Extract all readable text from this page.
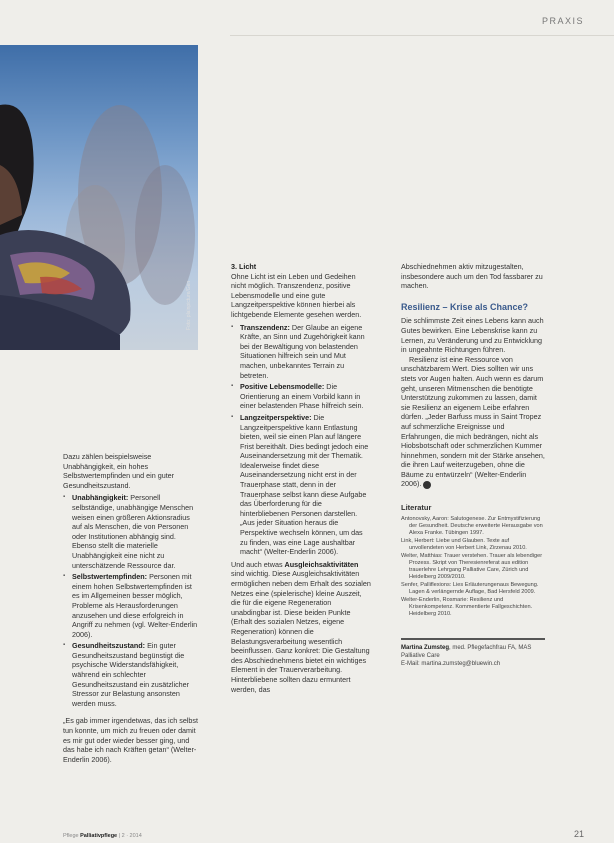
PRAXIS
Foto: plainpicture/Gen

Dazu zählen beispielsweise Unabhängigkeit, ein hohes Selbstwertempfinden und ein guter Gesundheitszustand.

▪ Unabhängigkeit: Personell selbständige, unabhängige Menschen weisen einen größeren Aktionsradius auf als Menschen, die von Personen oder Institutionen abhängig sind. Ebenso stellt die materielle Unabhängigkeit eine nicht zu unterschätzende Ressource dar.
▪ Selbstwertempfinden: Personen mit einem hohen Selbstwertempfinden ist es im Allgemeinen besser möglich, Probleme als Herausforderungen anzusehen und diese erfolgreich in Angriff zu nehmen (vgl. Welter-Enderlin 2006).
▪ Gesundheitszustand: Ein guter Gesundheitszustand begünstigt die psychische Widerstandsfähigkeit, während ein schlechter Gesundheitszustand ein zusätzlicher Stressor zur Belastung ansonsten werden muss.

„Es gab immer irgendetwas, das ich selbst tun konnte, um mich zu freuen oder damit es mir gut oder wieder besser ging, und das habe ich nach Kräften getan“ (Welter-Enderlin 2006).

3. Licht

Ohne Licht ist ein Leben und Gedeihen nicht möglich. Transzendenz, positive Lebensmodelle und eine gute Langzeitperspektive können hierbei als lichtgebende Elemente gesehen werden.

▪ Transzendenz: Der Glaube an eigene Kräfte, an Sinn und Zugehörigkeit kann bei der Bewältigung von belastenden Situationen hilfreich sein und Mut machen, unbekanntes Terrain zu betreten.
▪ Positive Lebensmodelle: Die Orientierung an einem Vorbild kann in einer belastenden Phase hilfreich sein.
▪ Langzeitperspektive: Die Langzeitperspektive kann Entlastung bieten, weil sie einen Plan auf längere Frist bereithält. Dies bedingt jedoch eine Auseinandersetzung mit der Thematik. Idealerweise findet diese Auseinandersetzung nicht erst in der Trauerphase statt, denn in der Trauerphase selbst kann diese Aufgabe das Überforderung für die hinterbliebenen Personen darstellen. „Aus jeder Situation heraus die Perspektive wechseln können, um das zu finden, was eine Lage aushaltbar macht“ (Welter-Enderlin 2006).

Und auch etwas Ausgleichsaktivitäten sind wichtig. Diese Ausgleichsaktivitäten ermöglichen neben dem Erhalt des sozialen Netzes eine (spielerische) kleine Auszeit, die für die eigene Regeneration unabdingbar ist. Diese beiden Punkte (Erhalt des sozialen Netzes, eigene Regeneration) können die Belastungsverarbeitung wesentlich beeinflussen. Ganz konkret: Die Gestaltung des Abschiednehmens bietet ein wichtiges Element in der Trauerverarbeitung. Hinterbliebene sollten dazu ermuntert werden, das

Abschiednehmen aktiv mitzugestalten, insbesondere auch um den Tod fassbarer zu machen.

Resilienz – Krise als Chance?

Die schlimmste Zeit eines Lebens kann auch Gutes bewirken. Eine Lebenskrise kann zu Lernen, zu Veränderung und zu Entwicklung in ungeahnte Richtungen führen.

Resilienz ist eine Ressource von unschätzbarem Wert. Dies sollten wir uns stets vor Augen halten. Auch wenn es darum geht, unseren Mitmenschen die benötigte Unterstützung zukommen zu lassen, damit sie Resilienz an eigenem Leibe erfahren dürfen. „Jeder Barfuss muss in Saint Tropez auf schmerzliche Ereignisse und Erfahrungen, die mich bedrängen, nicht als Hiobsbotschaft oder schmerzlichen Kummer hinnehmen, sondern mit der Stärke ansehen, die ihren Lauf weiterzugeben, ohne die Bäume zu entwürzeln“ (Welter-Enderlin 2006).

Literatur

Antonovsky, Aaron: Salutogenese. Zur Entmystifizierung der Gesundheit. Deutsche erweiterte Herausgabe von Alexa Franke. Tübingen 1997.

Link, Herbert: Liebe und Glauben. Texte auf unvollendeten von Herbert Link, Zirzenau 2010.

Welter, Matthias: Trauer verstehen. Trauer als lebendiger Prozess. Skript von Theresienreferat aus edition trauerlehre Lehrgang Palliative Care, Zürich und Heidelberg 2009/2010.

Senfer, Palliflexions: Lies Erläuterungenaus Bewegung. Lagen & verlängernde Auflage, Bad Hersfeld 2009.

Welter-Enderlin, Rosmarie: Resilienz und Krisenkompetenz. Kommentierte Fallgeschichten. Heidelberg 2010.

Martina Zumsteg, med. Pflegefachfrau FA, MAS Palliative Care
E-Mail: martina.zumsteg@bluewin.ch

Pflege Palliativpflege | 2 · 2014	21
